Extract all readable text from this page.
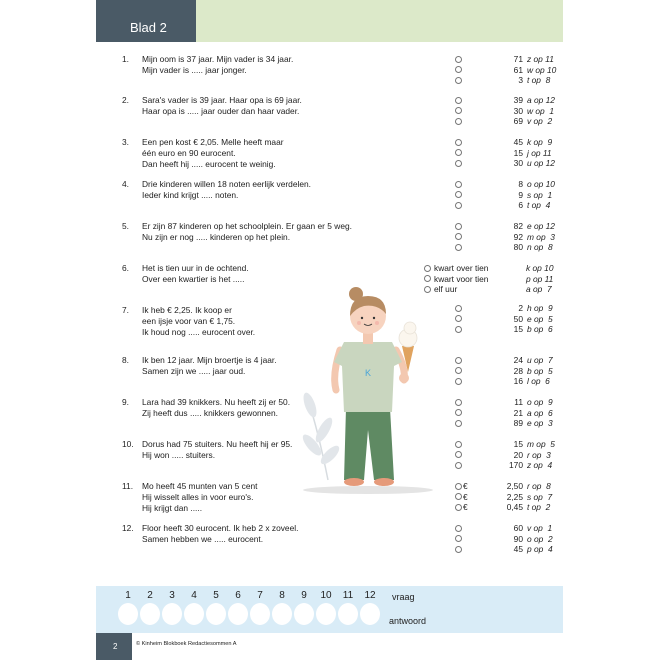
Blad 2
1. Mijn oom is 37 jaar. Mijn vader is 34 jaar.
Mijn vader is ..... jaar jonger.
71 z op 11
61 w op 10
3 t op  8
2. Sara's vader is 39 jaar. Haar opa is 69 jaar.
Haar opa is ..... jaar ouder dan haar vader.
39 a op 12
30 w op  1
69 v op  2
3. Een pen kost € 2,05. Melle heeft maar
één euro en 90 eurocent.
Dan heeft hij ..... eurocent te weinig.
45 k op  9
15 j op 11
30 u op 12
4. Drie kinderen willen 18 noten eerlijk verdelen.
Ieder kind krijgt ..... noten.
8 o op 10
9 s op  1
6 t op  4
5. Er zijn 87 kinderen op het schoolplein. Er gaan er 5 weg.
Nu zijn er nog ..... kinderen op het plein.
82 e op 12
92 m op  3
80 n op  8
6. Het is tien uur in de ochtend.
Over een kwartier is het .....
kwart over tien	k op 10
kwart voor tien	p op 11
elf uur	a op  7
7. Ik heb € 2,25. Ik koop er
een ijsje voor van € 1,75.
Ik houd nog ..... eurocent over.
2 h op  9
50 e op  5
15 b op  6
8. Ik ben 12 jaar. Mijn broertje is 4 jaar.
Samen zijn we ..... jaar oud.
24 u op  7
28 b op  5
16 l op  6
9. Lara had 39 knikkers. Nu heeft zij er 50.
Zij heeft dus ..... knikkers gewonnen.
11 o op  9
21 a op  6
89 e op  3
10. Dorus had 75 stuiters. Nu heeft hij er 95.
Hij won ..... stuiters.
15 m op  5
20 r op  3
170 z op  4
11. Mo heeft 45 munten van 5 cent
Hij wisselt alles in voor euro's.
Hij krijgt dan .....
€	2,50 r op  8
€	2,25 s op  7
€	0,45 t op  2
12. Floor heeft 30 eurocent. Ik heb 2 x zoveel.
Samen hebben we ..... eurocent.
60 v op  1
90 o op  2
45 p op  4
K
1	2	3	4	5	6	7	8	9	10	11	12	vraag
antwoord
2	© Kinheim Blokboek Redactiesommen A
